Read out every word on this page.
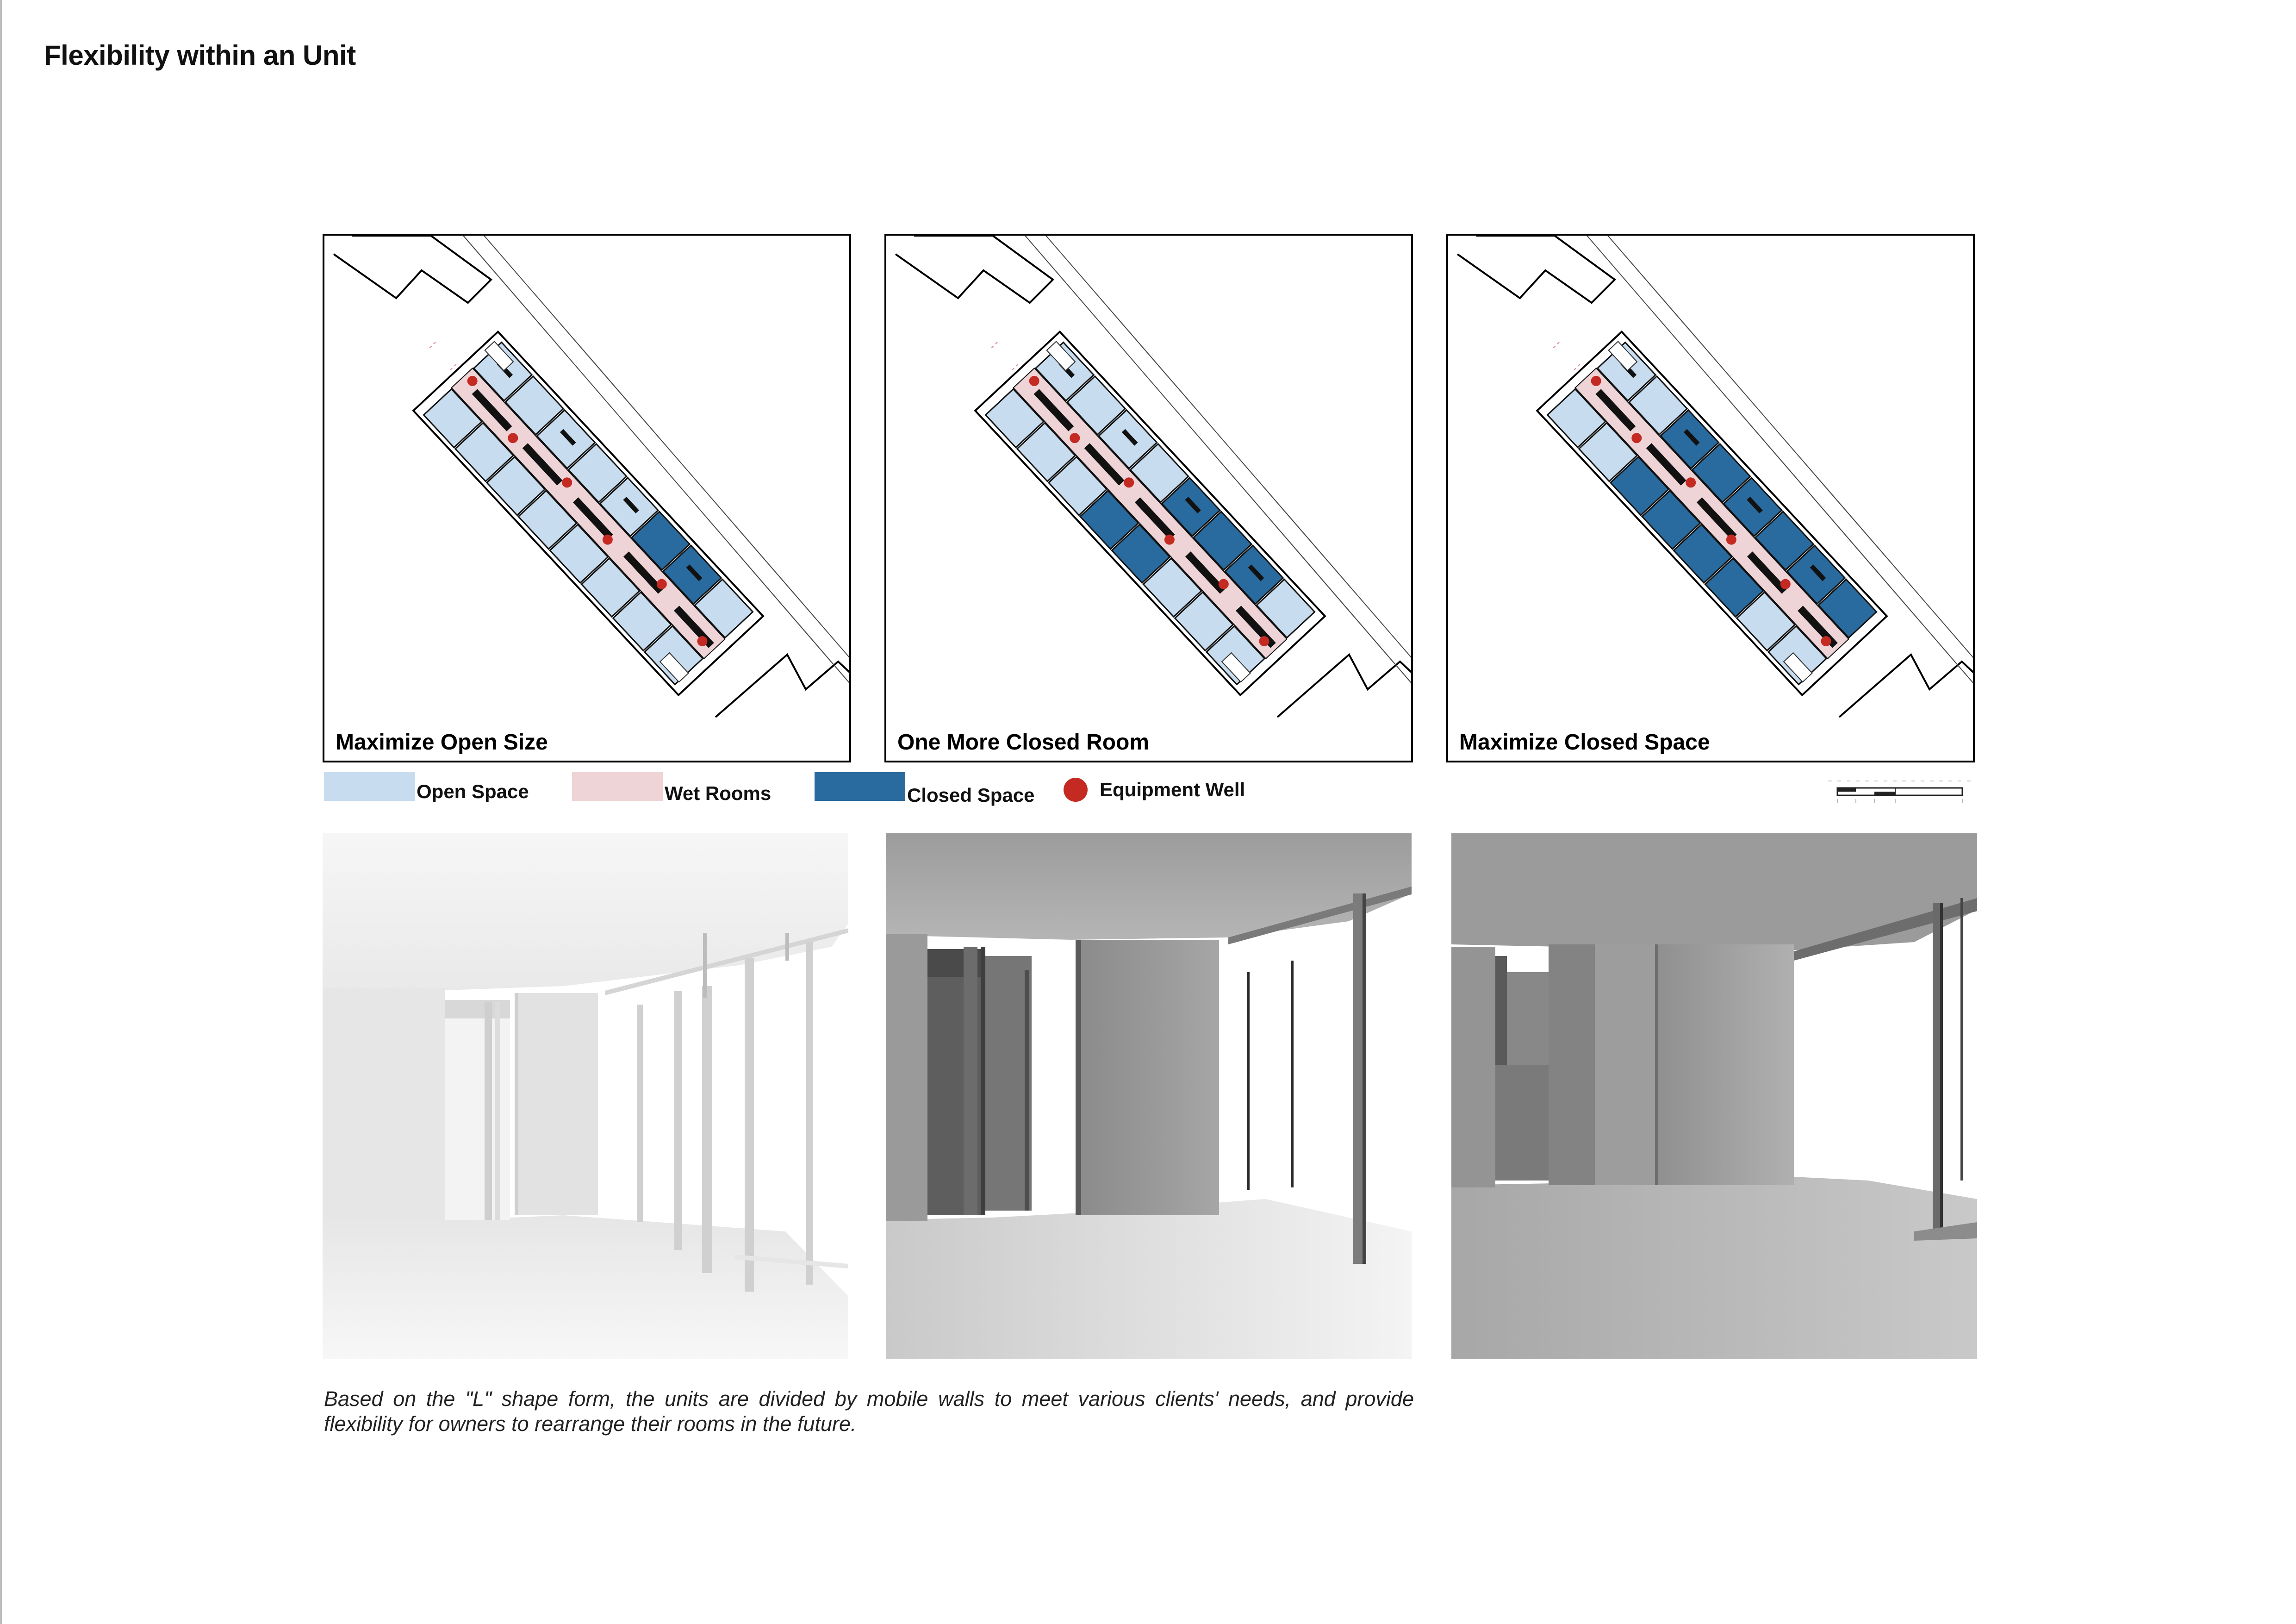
Flexibility within an Unit
Maximize Open Size	One More Closed Room	Maximize Closed Space
Open Space	Wet Rooms	Closed Space	Equipment Well

Based on the "L" shape form, the units are divided by mobile walls to meet various clients' needs, and provide flexibility for owners to rearrange their rooms in the future.
